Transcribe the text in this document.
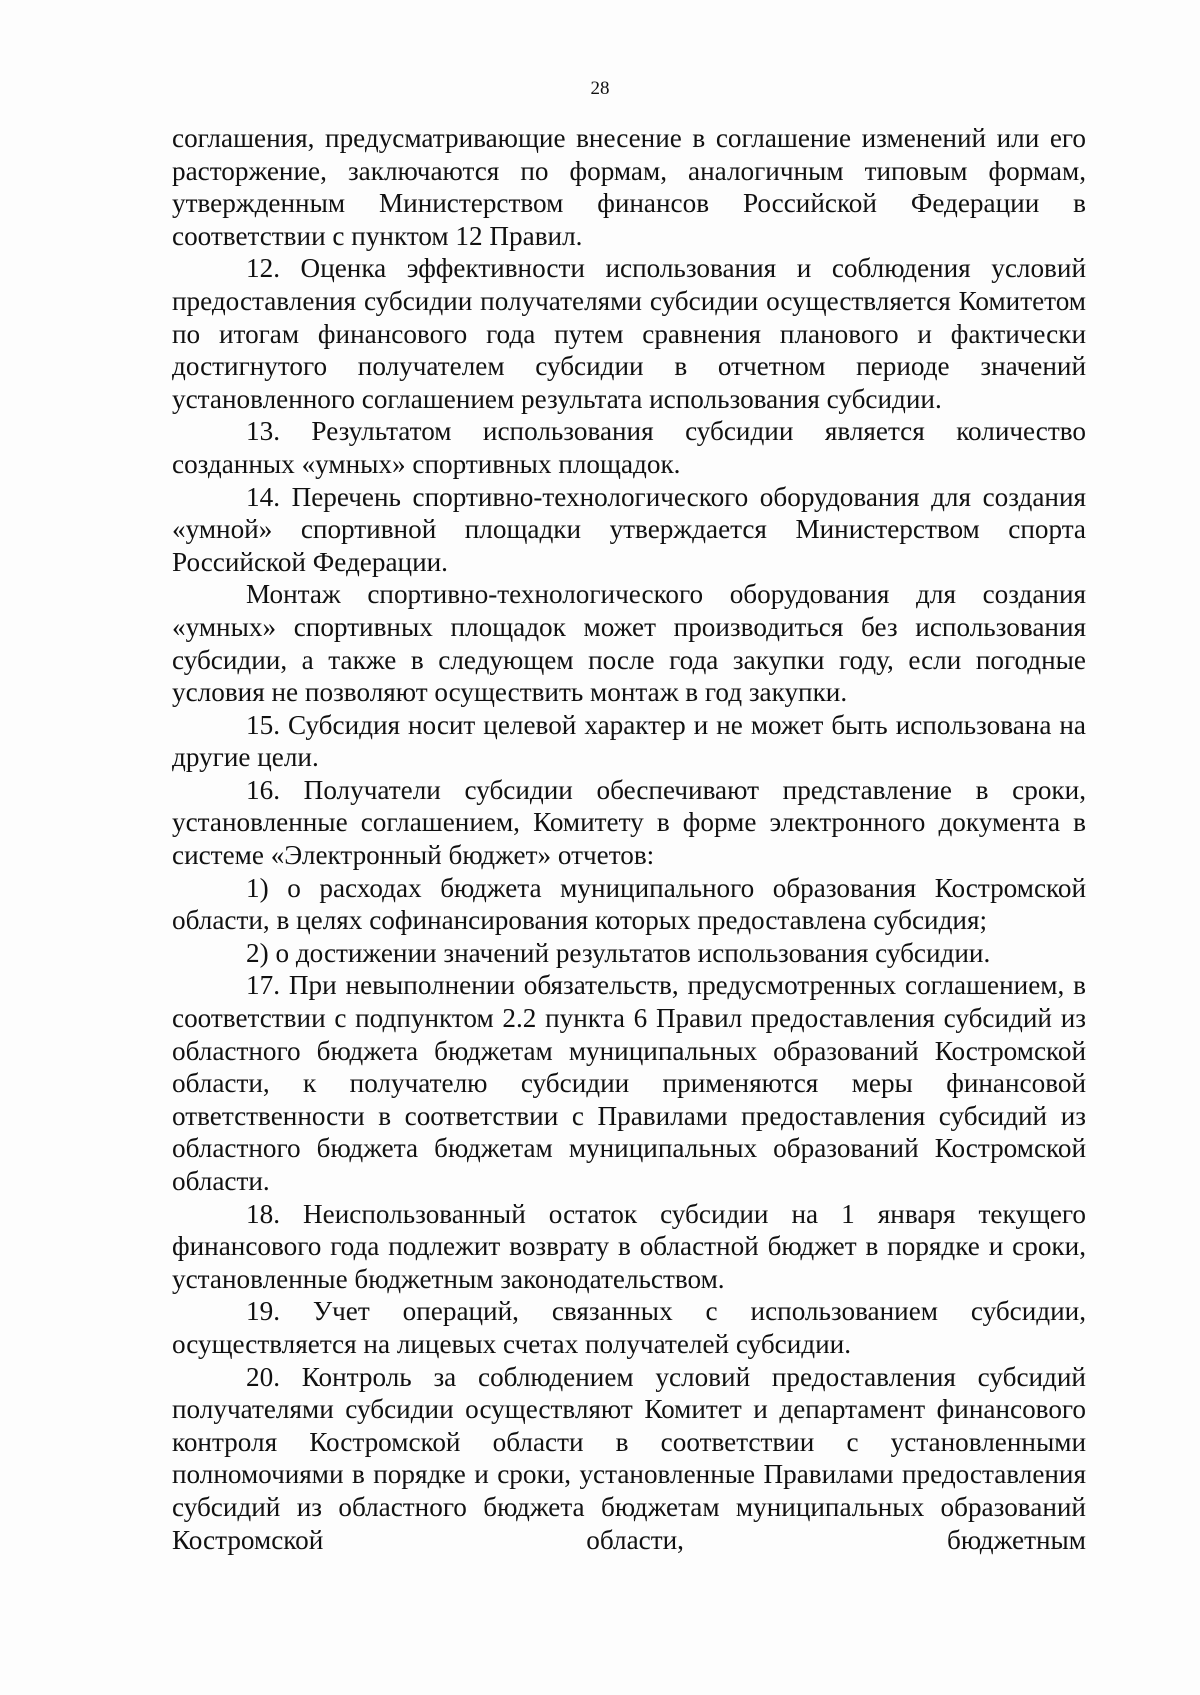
28

соглашения, предусматривающие внесение в соглашение изменений или его расторжение, заключаются по формам, аналогичным типовым формам, утвержденным Министерством финансов Российской Федерации в соответствии с пунктом 12 Правил.

12. Оценка эффективности использования и соблюдения условий предоставления субсидии получателями субсидии осуществляется Комитетом по итогам финансового года путем сравнения планового и фактически достигнутого получателем субсидии в отчетном периоде значений установленного соглашением результата использования субсидии.

13. Результатом использования субсидии является количество созданных «умных» спортивных площадок.

14. Перечень спортивно-технологического оборудования для создания «умной» спортивной площадки утверждается Министерством спорта Российской Федерации.

Монтаж спортивно-технологического оборудования для создания «умных» спортивных площадок может производиться без использования субсидии, а также в следующем после года закупки году, если погодные условия не позволяют осуществить монтаж в год закупки.

15. Субсидия носит целевой характер и не может быть использована на другие цели.

16. Получатели субсидии обеспечивают представление в сроки, установленные соглашением, Комитету в форме электронного документа в системе «Электронный бюджет» отчетов:

1) о расходах бюджета муниципального образования Костромской области, в целях софинансирования которых предоставлена субсидия;

2) о достижении значений результатов использования субсидии.

17. При невыполнении обязательств, предусмотренных соглашением, в соответствии с подпунктом 2.2 пункта 6 Правил предоставления субсидий из областного бюджета бюджетам муниципальных образований Костромской области, к получателю субсидии применяются меры финансовой ответственности в соответствии с Правилами предоставления субсидий из областного бюджета бюджетам муниципальных образований Костромской области.

18. Неиспользованный остаток субсидии на 1 января текущего финансового года подлежит возврату в областной бюджет в порядке и сроки, установленные бюджетным законодательством.

19. Учет операций, связанных с использованием субсидии, осуществляется на лицевых счетах получателей субсидии.

20. Контроль за соблюдением условий предоставления субсидий получателями субсидии осуществляют Комитет и департамент финансового контроля Костромской области в соответствии с установленными полномочиями в порядке и сроки, установленные Правилами предоставления субсидий из областного бюджета бюджетам муниципальных образований Костромской области, бюджетным
